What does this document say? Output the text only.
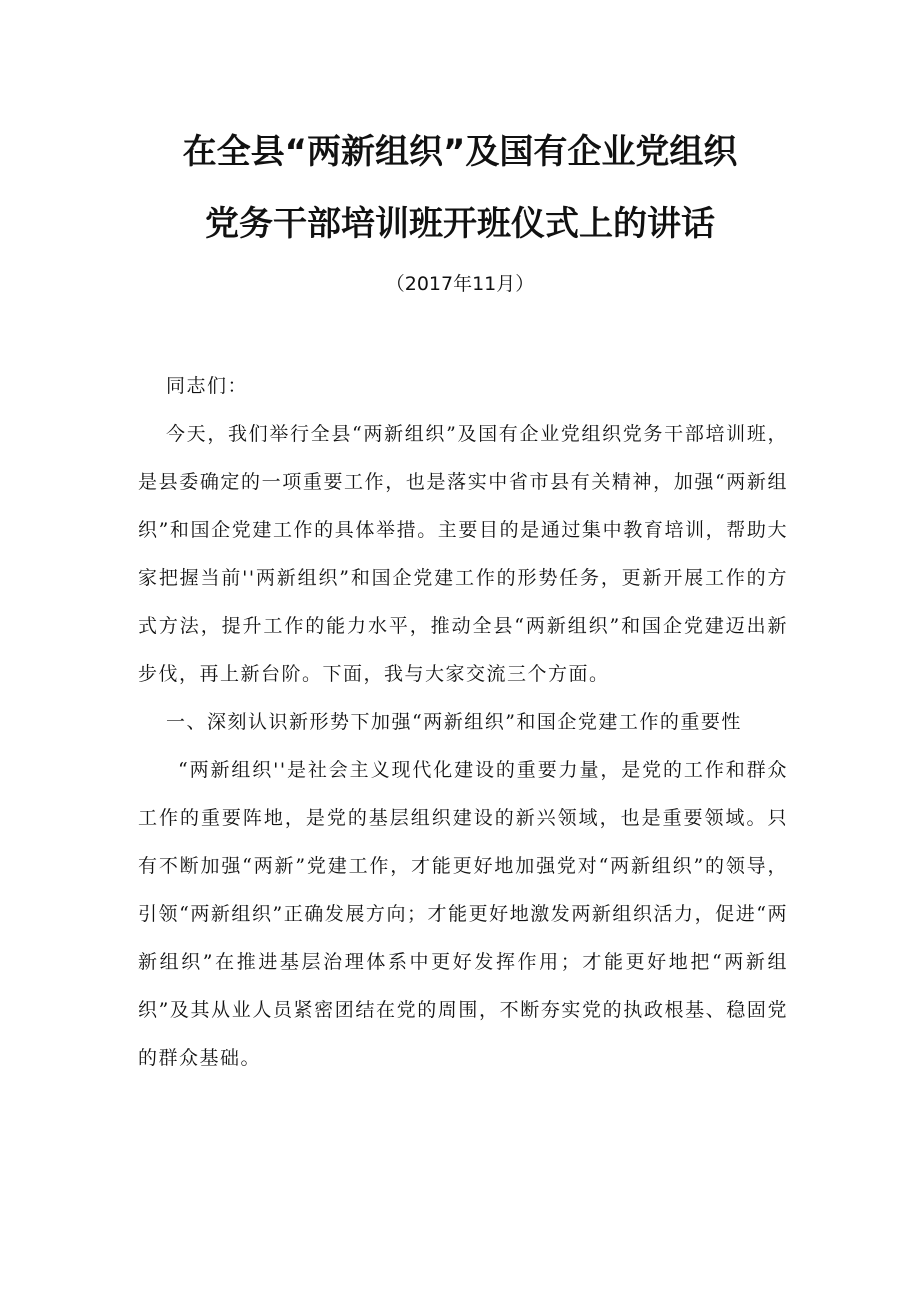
在全县“两新组织”及国有企业党组织
党务干部培训班开班仪式上的讲话
（2017年11月）

同志们：

今天，我们举行全县“两新组织”及国有企业党组织党务干部培训班，是县委确定的一项重要工作，也是落实中省市县有关精神，加强“两新组织”和国企党建工作的具体举措。主要目的是通过集中教育培训，帮助大家把握当前''两新组织”和国企党建工作的形势任务，更新开展工作的方式方法，提升工作的能力水平，推动全县“两新组织”和国企党建迈出新步伐，再上新台阶。下面，我与大家交流三个方面。

一、深刻认识新形势下加强“两新组织”和国企党建工作的重要性

“两新组织''是社会主义现代化建设的重要力量，是党的工作和群众工作的重要阵地，是党的基层组织建设的新兴领域，也是重要领域。只有不断加强“两新”党建工作，才能更好地加强党对“两新组织”的领导，引领“两新组织”正确发展方向；才能更好地激发两新组织活力，促进“两新组织”在推进基层治理体系中更好发挥作用；才能更好地把“两新组织”及其从业人员紧密团结在党的周围，不断夯实党的执政根基、稳固党的群众基础。
